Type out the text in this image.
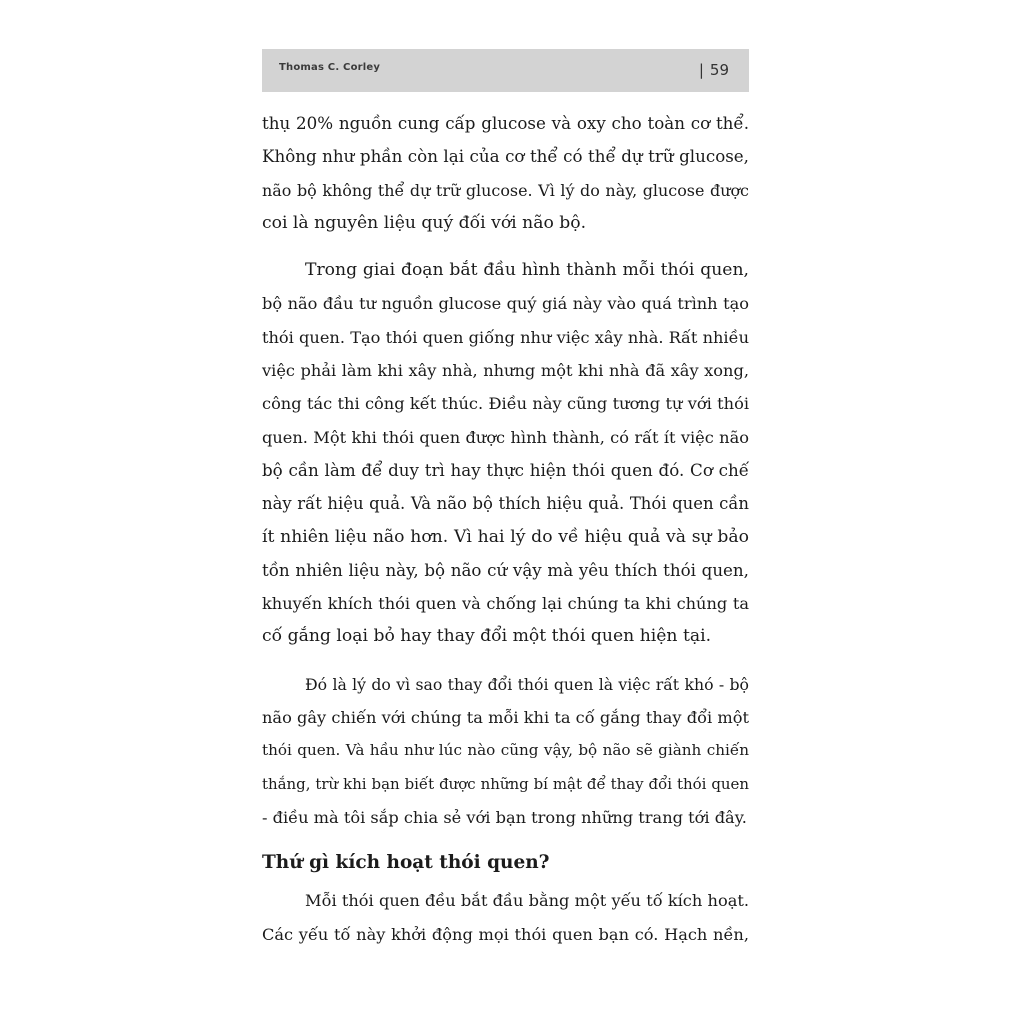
Thomas C. Corley	| 59
thụ 20% nguồn cung cấp glucose và oxy cho toàn cơ thể.
Không như phần còn lại của cơ thể có thể dự trữ glucose,
não bộ không thể dự trữ glucose. Vì lý do này, glucose được
coi là nguyên liệu quý đối với não bộ.
Trong giai đoạn bắt đầu hình thành mỗi thói quen,
bộ não đầu tư nguồn glucose quý giá này vào quá trình tạo
thói quen. Tạo thói quen giống như việc xây nhà. Rất nhiều
việc phải làm khi xây nhà, nhưng một khi nhà đã xây xong,
công tác thi công kết thúc. Điều này cũng tương tự với thói
quen. Một khi thói quen được hình thành, có rất ít việc não
bộ cần làm để duy trì hay thực hiện thói quen đó. Cơ chế
này rất hiệu quả. Và não bộ thích hiệu quả. Thói quen cần
ít nhiên liệu não hơn. Vì hai lý do về hiệu quả và sự bảo
tồn nhiên liệu này, bộ não cứ vậy mà yêu thích thói quen,
khuyến khích thói quen và chống lại chúng ta khi chúng ta
cố gắng loại bỏ hay thay đổi một thói quen hiện tại.
Đó là lý do vì sao thay đổi thói quen là việc rất khó - bộ
não gây chiến với chúng ta mỗi khi ta cố gắng thay đổi một
thói quen. Và hầu như lúc nào cũng vậy, bộ não sẽ giành chiến
thắng, trừ khi bạn biết được những bí mật để thay đổi thói quen
- điều mà tôi sắp chia sẻ với bạn trong những trang tới đây.
Thứ gì kích hoạt thói quen?
Mỗi thói quen đều bắt đầu bằng một yếu tố kích hoạt.
Các yếu tố này khởi động mọi thói quen bạn có. Hạch nền,
